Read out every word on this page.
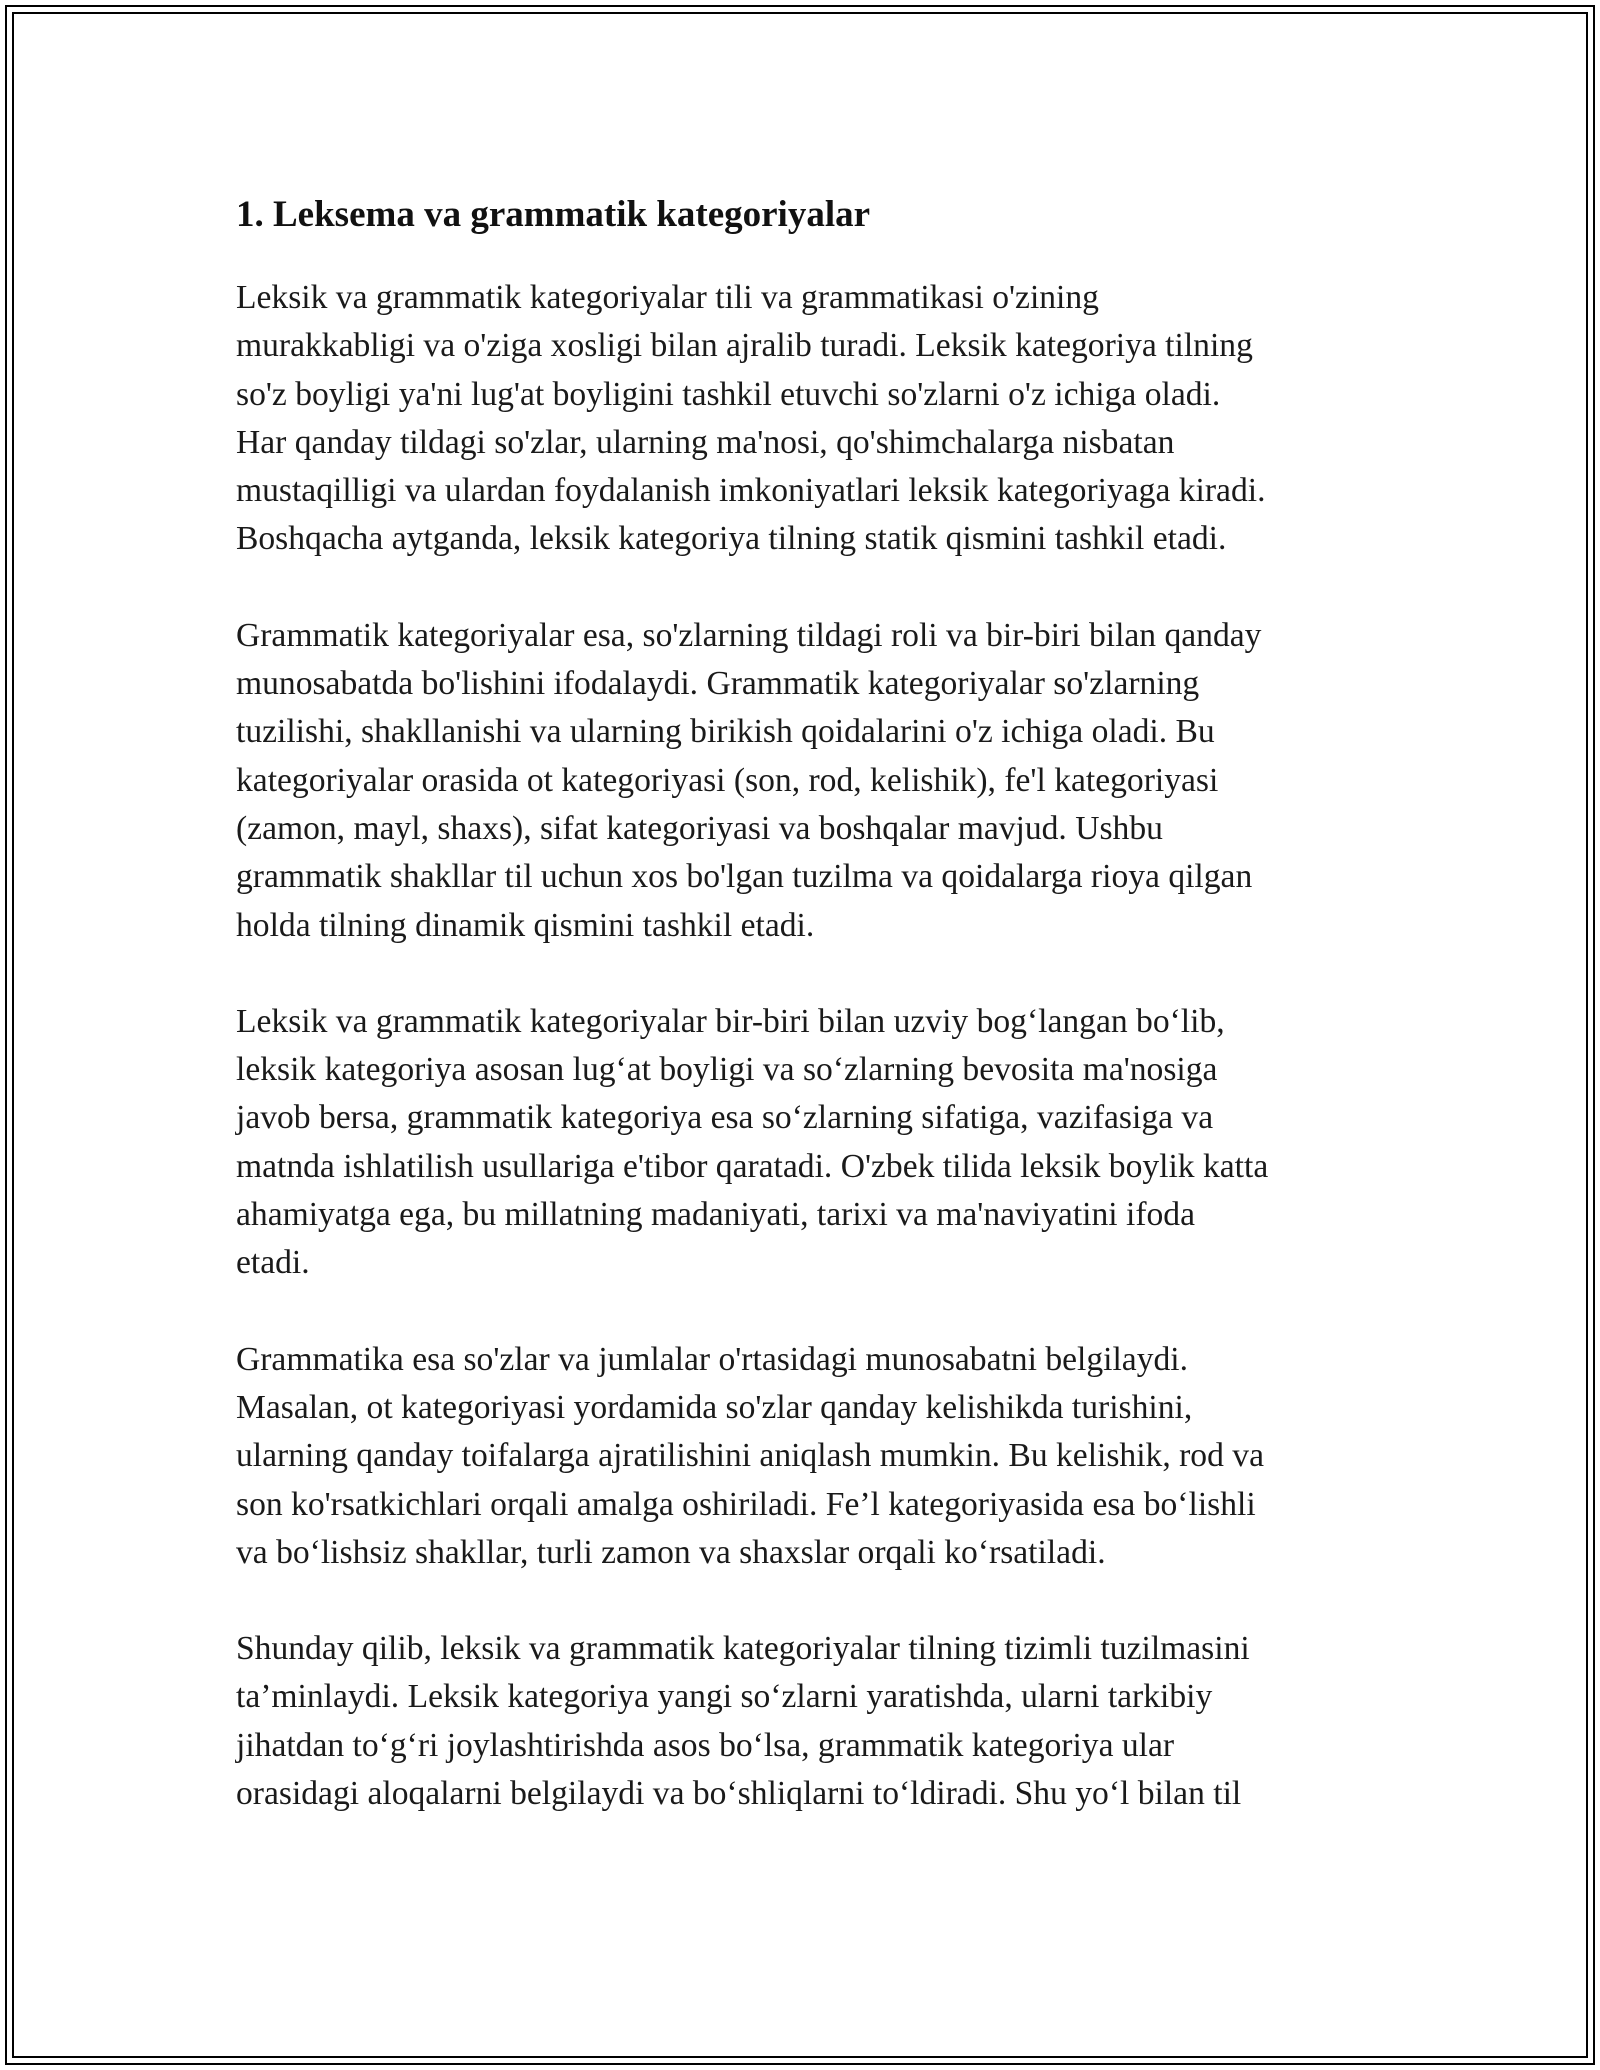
1. Leksema va grammatik kategoriyalar

Leksik va grammatik kategoriyalar tili va grammatikasi o'zining
murakkabligi va o'ziga xosligi bilan ajralib turadi. Leksik kategoriya tilning
so'z boyligi ya'ni lug'at boyligini tashkil etuvchi so'zlarni o'z ichiga oladi.
Har qanday tildagi so'zlar, ularning ma'nosi, qo'shimchalarga nisbatan
mustaqilligi va ulardan foydalanish imkoniyatlari leksik kategoriyaga kiradi.
Boshqacha aytganda, leksik kategoriya tilning statik qismini tashkil etadi.

Grammatik kategoriyalar esa, so'zlarning tildagi roli va bir-biri bilan qanday
munosabatda bo'lishini ifodalaydi. Grammatik kategoriyalar so'zlarning
tuzilishi, shakllanishi va ularning birikish qoidalarini o'z ichiga oladi. Bu
kategoriyalar orasida ot kategoriyasi (son, rod, kelishik), fe'l kategoriyasi
(zamon, mayl, shaxs), sifat kategoriyasi va boshqalar mavjud. Ushbu
grammatik shakllar til uchun xos bo'lgan tuzilma va qoidalarga rioya qilgan
holda tilning dinamik qismini tashkil etadi.

Leksik va grammatik kategoriyalar bir-biri bilan uzviy bog‘langan bo‘lib,
leksik kategoriya asosan lug‘at boyligi va so‘zlarning bevosita ma'nosiga
javob bersa, grammatik kategoriya esa so‘zlarning sifatiga, vazifasiga va
matnda ishlatilish usullariga e'tibor qaratadi. O'zbek tilida leksik boylik katta
ahamiyatga ega, bu millatning madaniyati, tarixi va ma'naviyatini ifoda
etadi.

Grammatika esa so'zlar va jumlalar o'rtasidagi munosabatni belgilaydi.
Masalan, ot kategoriyasi yordamida so'zlar qanday kelishikda turishini,
ularning qanday toifalarga ajratilishini aniqlash mumkin. Bu kelishik, rod va
son ko'rsatkichlari orqali amalga oshiriladi. Fe’l kategoriyasida esa bo‘lishli
va bo‘lishsiz shakllar, turli zamon va shaxslar orqali ko‘rsatiladi.

Shunday qilib, leksik va grammatik kategoriyalar tilning tizimli tuzilmasini
ta’minlaydi. Leksik kategoriya yangi so‘zlarni yaratishda, ularni tarkibiy
jihatdan to‘g‘ri joylashtirishda asos bo‘lsa, grammatik kategoriya ular
orasidagi aloqalarni belgilaydi va bo‘shliqlarni to‘ldiradi. Shu yo‘l bilan til
